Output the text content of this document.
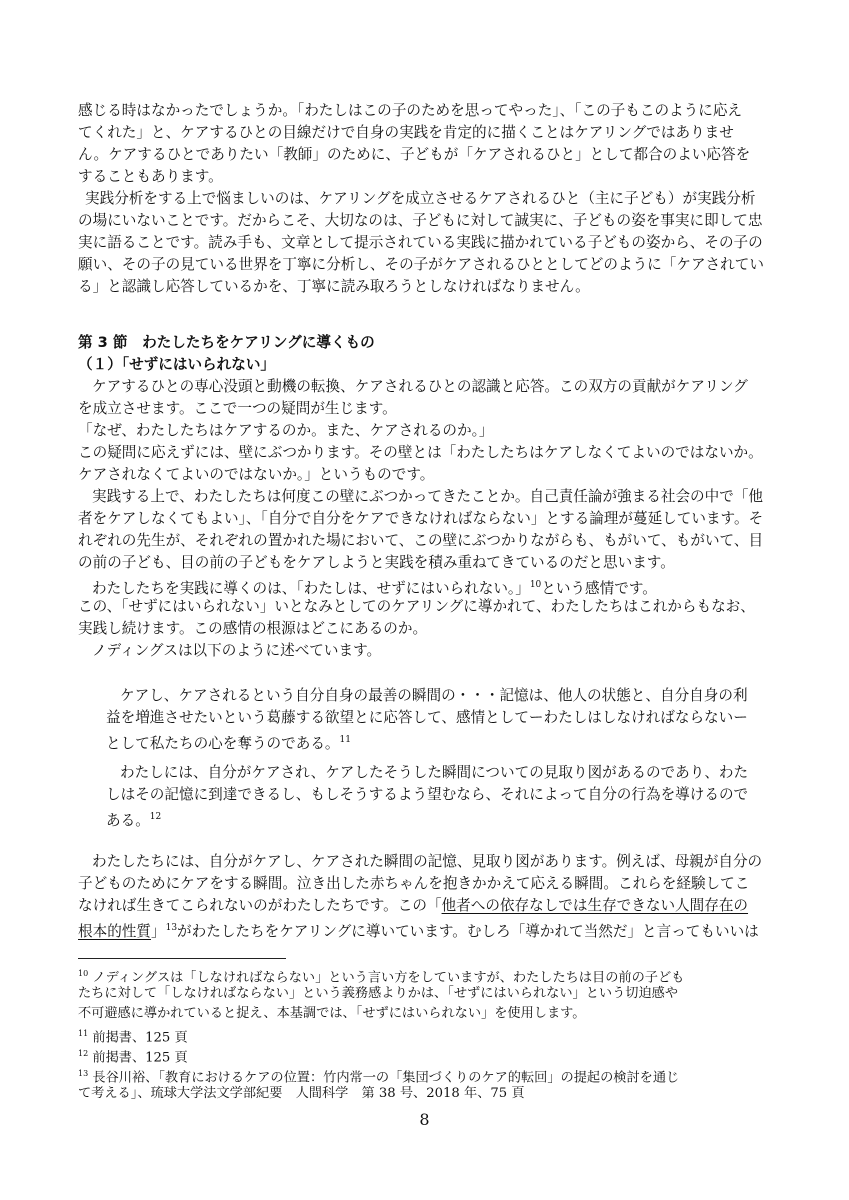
感じる時はなかったでしょうか。「わたしはこの子のためを思ってやった」、「この子もこのように応え
てくれた」と、ケアするひとの目線だけで自身の実践を肯定的に描くことはケアリングではありませ
ん。ケアするひとでありたい「教師」のために、子どもが「ケアされるひと」として都合のよい応答を
することもあります。
実践分析をする上で悩ましいのは、ケアリングを成立させるケアされるひと（主に子ども）が実践分析
の場にいないことです。だからこそ、大切なのは、子どもに対して誠実に、子どもの姿を事実に即して忠
実に語ることです。読み手も、文章として提示されている実践に描かれている子どもの姿から、その子の
願い、その子の見ている世界を丁寧に分析し、その子がケアされるひととしてどのように「ケアされてい
る」と認識し応答しているかを、丁寧に読み取ろうとしなければなりません。
第 3 節　わたしたちをケアリングに導くもの
（１）「せずにはいられない」
ケアするひとの専心没頭と動機の転換、ケアされるひとの認識と応答。この双方の貢献がケアリング
を成立させます。ここで一つの疑問が生じます。
「なぜ、わたしたちはケアするのか。また、ケアされるのか。」
この疑問に応えずには、壁にぶつかります。その壁とは「わたしたちはケアしなくてよいのではないか。
ケアされなくてよいのではないか。」というものです。
実践する上で、わたしたちは何度この壁にぶつかってきたことか。自己責任論が強まる社会の中で「他
者をケアしなくてもよい」、「自分で自分をケアできなければならない」とする論理が蔓延しています。そ
れぞれの先生が、それぞれの置かれた場において、この壁にぶつかりながらも、もがいて、もがいて、目
の前の子ども、目の前の子どもをケアしようと実践を積み重ねてきているのだと思います。
わたしたちを実践に導くのは、「わたしは、せずにはいられない。」$^{10}$という感情です。
この、「せずにはいられない」いとなみとしてのケアリングに導かれて、わたしたちはこれからもなお、
実践し続けます。この感情の根源はどこにあるのか。
ノディングスは以下のように述べています。
ケアし、ケアされるという自分自身の最善の瞬間の・・・記憶は、他人の状態と、自分自身の利
益を増進させたいという葛藤する欲望とに応答して、感情としてーわたしはしなければならないー
として私たちの心を奪うのである。$^{11}$
わたしには、自分がケアされ、ケアしたそうした瞬間についての見取り図があるのであり、わた
しはその記憶に到達できるし、もしそうするよう望むなら、それによって自分の行為を導けるので
ある。$^{12}$
わたしたちには、自分がケアし、ケアされた瞬間の記憶、見取り図があります。例えば、母親が自分の
子どものためにケアをする瞬間。泣き出した赤ちゃんを抱きかかえて応える瞬間。これらを経験してこ
なければ生きてこられないのがわたしたちです。この「他者への依存なしでは生存できない人間存在の
根本的性質」$^{13}$がわたしたちをケアリングに導いています。むしろ「導かれて当然だ」と言ってもいいは
$^{10}$ ノディングスは「しなければならない」という言い方をしていますが、わたしたちは目の前の子ども
たちに対して「しなければならない」という義務感よりかは、「せずにはいられない」という切迫感や
不可避感に導かれていると捉え、本基調では、「せずにはいられない」を使用します。
$^{11}$ 前掲書、125 頁
$^{12}$ 前掲書、125 頁
$^{13}$ 長谷川裕、「教育におけるケアの位置：竹内常一の「集団づくりのケア的転回」の提起の検討を通じ
て考える」、琉球大学法文学部紀要　人間科学　第 38 号、2018 年、75 頁
8
